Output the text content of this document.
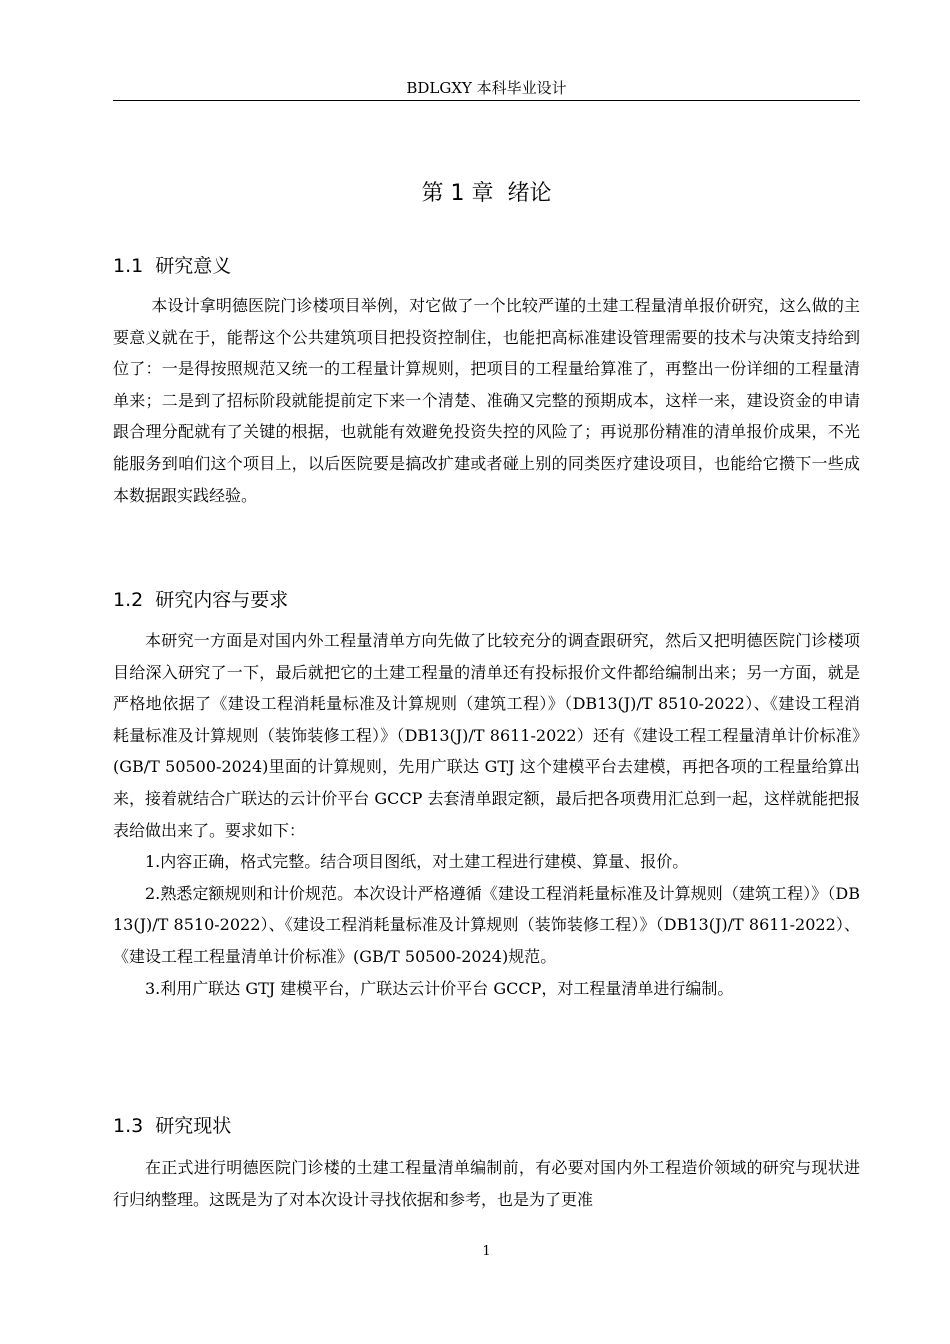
BDLGXY 本科毕业设计
第 1 章  绪论
1.1  研究意义

本设计拿明德医院门诊楼项目举例，对它做了一个比较严谨的土建工程量清单报价研究，这么做的主要意义就在于，能帮这个公共建筑项目把投资控制住，也能把高标准建设管理需要的技术与决策支持给到位了：一是得按照规范又统一的工程量计算规则，把项目的工程量给算准了，再整出一份详细的工程量清单来；二是到了招标阶段就能提前定下来一个清楚、准确又完整的预期成本，这样一来，建设资金的申请跟合理分配就有了关键的根据，也就能有效避免投资失控的风险了；再说那份精准的清单报价成果，不光能服务到咱们这个项目上，以后医院要是搞改扩建或者碰上别的同类医疗建设项目，也能给它攒下一些成本数据跟实践经验。

1.2  研究内容与要求

本研究一方面是对国内外工程量清单方向先做了比较充分的调查跟研究，然后又把明德医院门诊楼项目给深入研究了一下，最后就把它的土建工程量的清单还有投标报价文件都给编制出来；另一方面，就是严格地依据了《建设工程消耗量标准及计算规则（建筑工程）》（DB13(J)/T 8510-2022）、《建设工程消耗量标准及计算规则（装饰装修工程）》（DB13(J)/T 8611-2022）还有《建设工程工程量清单计价标准》(GB/T 50500-2024)里面的计算规则，先用广联达 GTJ 这个建模平台去建模，再把各项的工程量给算出来，接着就结合广联达的云计价平台 GCCP 去套清单跟定额，最后把各项费用汇总到一起，这样就能把报表给做出来了。要求如下：

1.内容正确，格式完整。结合项目图纸，对土建工程进行建模、算量、报价。

2.熟悉定额规则和计价规范。本次设计严格遵循《建设工程消耗量标准及计算规则（建筑工程）》（DB13(J)/T 8510-2022）、《建设工程消耗量标准及计算规则（装饰装修工程）》（DB13(J)/T 8611-2022）、《建设工程工程量清单计价标准》(GB/T 50500-2024)规范。

3.利用广联达 GTJ 建模平台，广联达云计价平台 GCCP，对工程量清单进行编制。

1.3  研究现状

在正式进行明德医院门诊楼的土建工程量清单编制前，有必要对国内外工程造价领域的研究与现状进行归纳整理。这既是为了对本次设计寻找依据和参考，也是为了更准

1
